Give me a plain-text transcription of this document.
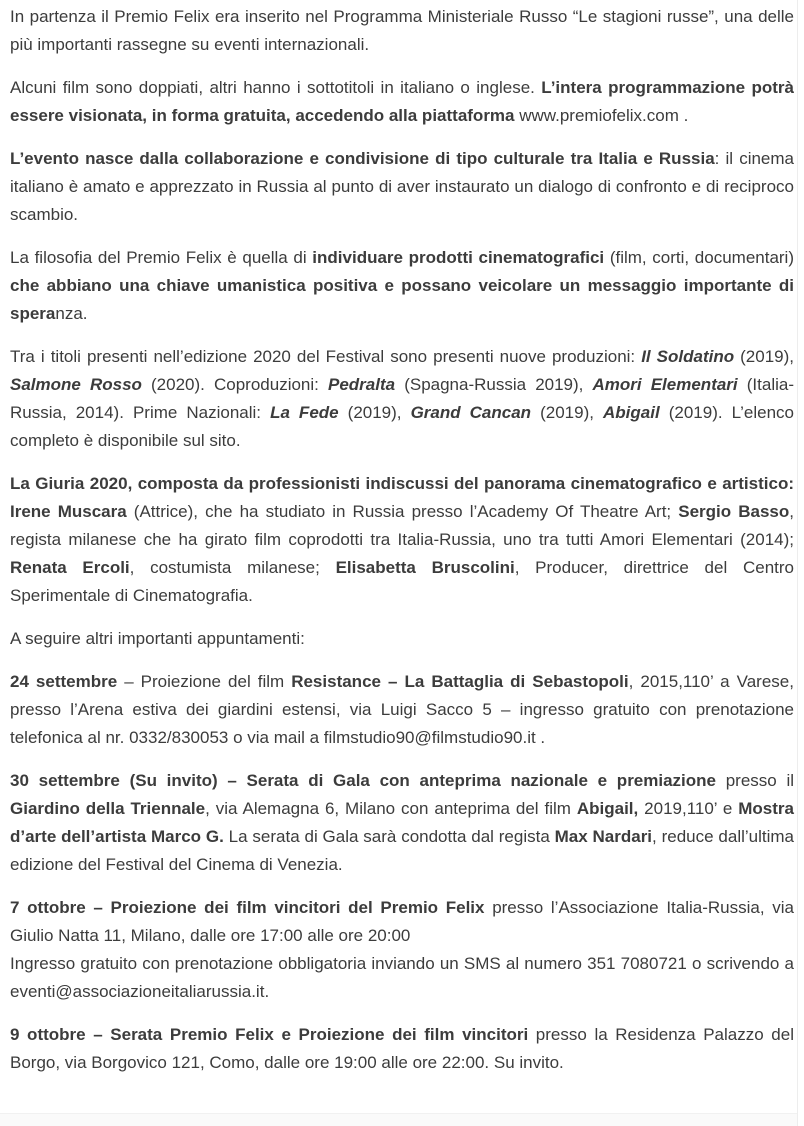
In partenza il Premio Felix era inserito nel Programma Ministeriale Russo “Le stagioni russe”, una delle più importanti rassegne su eventi internazionali.

Alcuni film sono doppiati, altri hanno i sottotitoli in italiano o inglese. L’intera programmazione potrà essere visionata, in forma gratuita, accedendo alla piattaforma www.premiofelix.com .

L’evento nasce dalla collaborazione e condivisione di tipo culturale tra Italia e Russia: il cinema italiano è amato e apprezzato in Russia al punto di aver instaurato un dialogo di confronto e di reciproco scambio.

La filosofia del Premio Felix è quella di individuare prodotti cinematografici (film, corti, documentari) che abbiano una chiave umanistica positiva e possano veicolare un messaggio importante di speranza.

Tra i titoli presenti nell’edizione 2020 del Festival sono presenti nuove produzioni: Il Soldatino (2019), Salmone Rosso (2020). Coproduzioni: Pedralta (Spagna-Russia 2019), Amori Elementari (Italia-Russia, 2014). Prime Nazionali: La Fede (2019), Grand Cancan (2019), Abigail (2019). L’elenco completo è disponibile sul sito.

La Giuria 2020, composta da professionisti indiscussi del panorama cinematografico e artistico: Irene Muscara (Attrice), che ha studiato in Russia presso l’Academy Of Theatre Art; Sergio Basso, regista milanese che ha girato film coprodotti tra Italia-Russia, uno tra tutti Amori Elementari (2014); Renata Ercoli, costumista milanese; Elisabetta Bruscolini, Producer, direttrice del Centro Sperimentale di Cinematografia.

A seguire altri importanti appuntamenti:

24 settembre – Proiezione del film Resistance – La Battaglia di Sebastopoli, 2015,110’ a Varese, presso l’Arena estiva dei giardini estensi, via Luigi Sacco 5 – ingresso gratuito con prenotazione telefonica al nr. 0332/830053 o via mail a filmstudio90@filmstudio90.it .

30 settembre (Su invito) – Serata di Gala con anteprima nazionale e premiazione presso il Giardino della Triennale, via Alemagna 6, Milano con anteprima del film Abigail, 2019,110’ e Mostra d’arte dell’artista Marco G. La serata di Gala sarà condotta dal regista Max Nardari, reduce dall’ultima edizione del Festival del Cinema di Venezia.

7 ottobre – Proiezione dei film vincitori del Premio Felix presso l’Associazione Italia-Russia, via Giulio Natta 11, Milano, dalle ore 17:00 alle ore 20:00
Ingresso gratuito con prenotazione obbligatoria inviando un SMS al numero 351 7080721 o scrivendo a eventi@associazioneitaliarussia.it.

9 ottobre – Serata Premio Felix e Proiezione dei film vincitori presso la Residenza Palazzo del Borgo, via Borgovico 121, Como, dalle ore 19:00 alle ore 22:00. Su invito.
